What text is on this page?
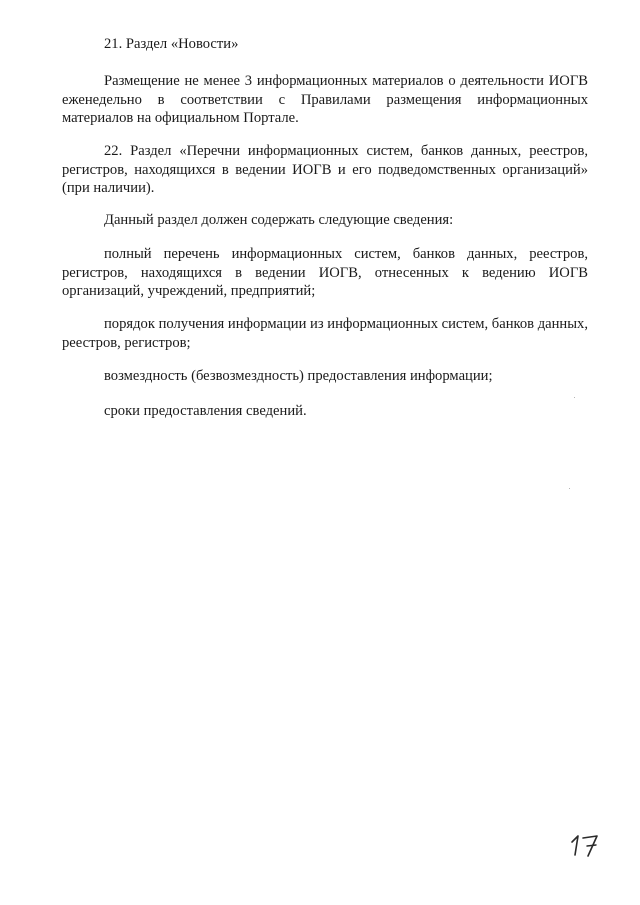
21. Раздел «Новости»

Размещение не менее 3 информационных материалов о деятельности ИОГВ еженедельно в соответствии с Правилами размещения информационных материалов на официальном Портале.

22. Раздел «Перечни информационных систем, банков данных, реестров, регистров, находящихся в ведении ИОГВ и его подведомственных организаций» (при наличии).

Данный раздел должен содержать следующие сведения:

полный перечень информационных систем, банков данных, реестров, регистров, находящихся в ведении ИОГВ, отнесенных к ведению ИОГВ организаций, учреждений, предприятий;

порядок получения информации из информационных систем, банков данных, реестров, регистров;

возмездность (безвозмездность) предоставления информации;

сроки предоставления сведений.
